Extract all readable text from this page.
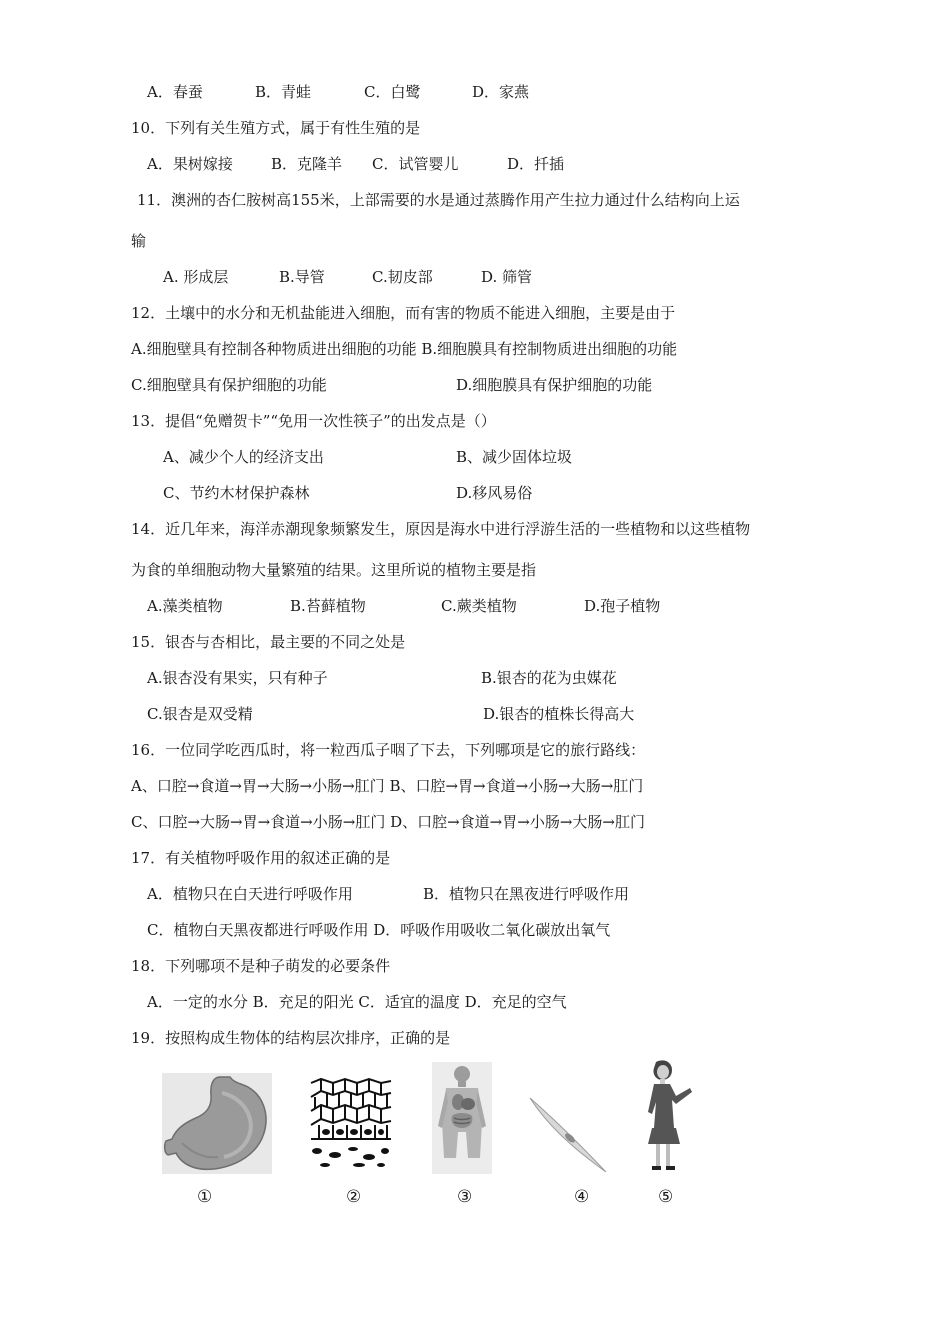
A．春蚕	B．青蛙	C．白鹭	D．家燕
10．下列有关生殖方式，属于有性生殖的是
A．果树嫁接	B．克隆羊 C．试管婴儿	D．扦插
11．澳洲的杏仁胺树高155米，上部需要的水是通过蒸腾作用产生拉力通过什么结构向上运
输
A. 形成层	B.导管	C.韧皮部	D. 筛管
12．土壤中的水分和无机盐能进入细胞，而有害的物质不能进入细胞，主要是由于
A.细胞壁具有控制各种物质进出细胞的功能 B.细胞膜具有控制物质进出细胞的功能
C.细胞壁具有保护细胞的功能	D.细胞膜具有保护细胞的功能
13．提倡“免赠贺卡”“免用一次性筷子”的出发点是（）
A、减少个人的经济支出	B、减少固体垃圾
C、节约木材保护森林	D.移风易俗
14．近几年来，海洋赤潮现象频繁发生，原因是海水中进行浮游生活的一些植物和以这些植物
为食的单细胞动物大量繁殖的结果。这里所说的植物主要是指
A.藻类植物	B.苔藓植物	C.蕨类植物	D.孢子植物
15．银杏与杏相比，最主要的不同之处是
A.银杏没有果实，只有种子	B.银杏的花为虫媒花
C.银杏是双受精	D.银杏的植株长得高大
16．一位同学吃西瓜时，将一粒西瓜子咽了下去，下列哪项是它的旅行路线：
A、口腔→食道→胃→大肠→小肠→肛门 B、口腔→胃→食道→小肠→大肠→肛门
C、口腔→大肠→胃→食道→小肠→肛门 D、口腔→食道→胃→小肠→大肠→肛门
17．有关植物呼吸作用的叙述正确的是
A．植物只在白天进行呼吸作用	B．植物只在黑夜进行呼吸作用
C．植物白天黑夜都进行呼吸作用 D．呼吸作用吸收二氧化碳放出氧气
18．下列哪项不是种子萌发的必要条件
A．一定的水分 B．充足的阳光 C．适宜的温度 D．充足的空气
19．按照构成生物体的结构层次排序，正确的是
①	②	③	④	⑤
